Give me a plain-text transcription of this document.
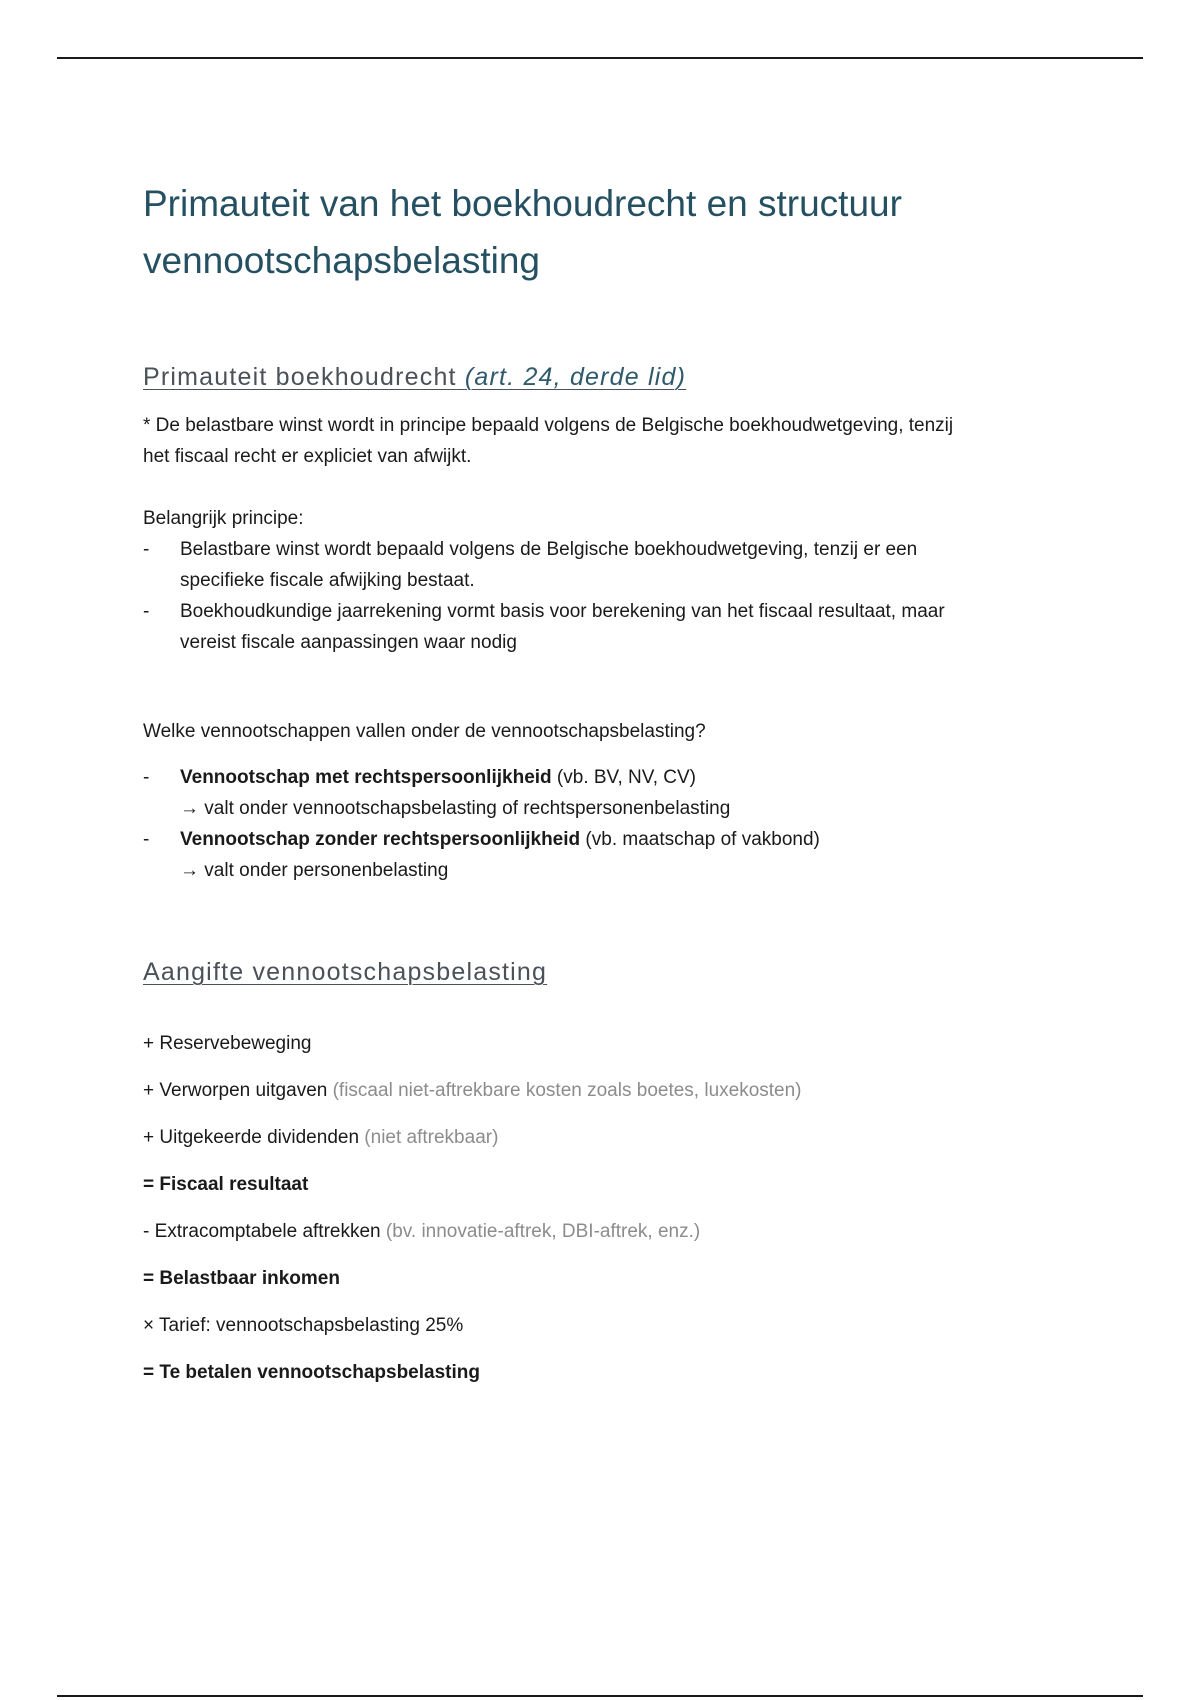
Primauteit van het boekhoudrecht en structuur
vennootschapsbelasting
Primauteit boekhoudrecht (art. 24, derde lid)

* De belastbare winst wordt in principe bepaald volgens de Belgische boekhoudwetgeving, tenzij
het fiscaal recht er expliciet van afwijkt.

Belangrijk principe:

- Belastbare winst wordt bepaald volgens de Belgische boekhoudwetgeving, tenzij er een
specifieke fiscale afwijking bestaat.
- Boekhoudkundige jaarrekening vormt basis voor berekening van het fiscaal resultaat, maar
vereist fiscale aanpassingen waar nodig

Welke vennootschappen vallen onder de vennootschapsbelasting?

- Vennootschap met rechtspersoonlijkheid (vb. BV, NV, CV)
→ valt onder vennootschapsbelasting of rechtspersonenbelasting
- Vennootschap zonder rechtspersoonlijkheid (vb. maatschap of vakbond)
→ valt onder personenbelasting
Aangifte vennootschapsbelasting

+ Reservebeweging

+ Verworpen uitgaven (fiscaal niet-aftrekbare kosten zoals boetes, luxekosten)

+ Uitgekeerde dividenden (niet aftrekbaar)

= Fiscaal resultaat

- Extracomptabele aftrekken (bv. innovatie-aftrek, DBI-aftrek, enz.)

= Belastbaar inkomen

× Tarief: vennootschapsbelasting 25%

= Te betalen vennootschapsbelasting
